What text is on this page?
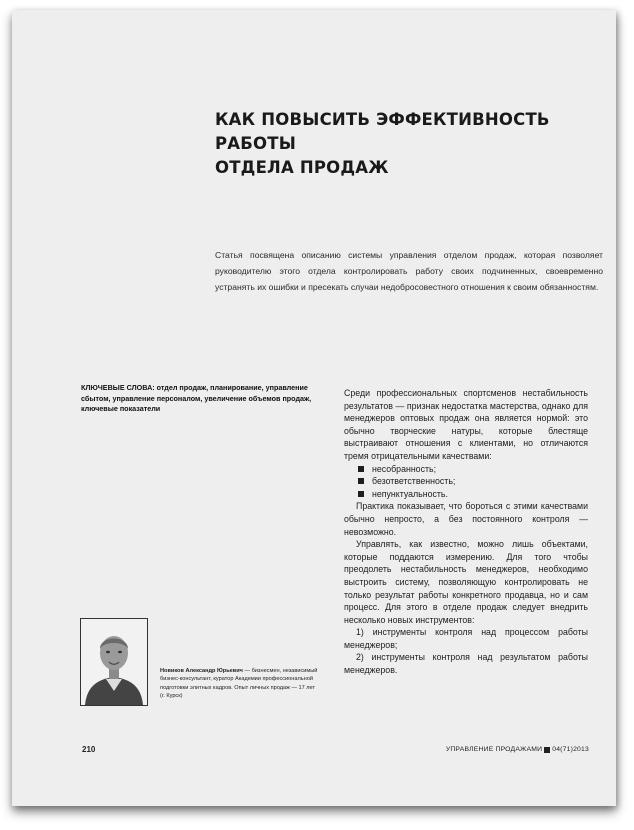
КАК ПОВЫСИТЬ ЭФФЕКТИВНОСТЬ РАБОТЫ
ОТДЕЛА ПРОДАЖ
Статья посвящена описанию системы управления отделом продаж, которая позволяет руководителю этого отдела контролировать работу своих подчиненных, своевременно устранять их ошибки и пресекать случаи недобросовестного отношения к своим обязанностям.
КЛЮЧЕВЫЕ СЛОВА: отдел продаж, планирование, управление сбытом, управление персоналом, увеличение объемов продаж, ключевые показатели

Среди профессиональных спортсменов нестабильность результатов — признак недостатка мастерства, однако для менеджеров оптовых продаж она является нормой: это обычно творческие натуры, которые блестяще выстраивают отношения с клиентами, но отличаются тремя отрицательными качествами:

несобранность;
безответственность;
непунктуальность.

Практика показывает, что бороться с этими качествами обычно непросто, а без постоянного контроля — невозможно.

Управлять, как известно, можно лишь объектами, которые поддаются измерению. Для того чтобы преодолеть нестабильность менеджеров, необходимо выстроить систему, позволяющую контролировать не только результат работы конкретного продавца, но и сам процесс. Для этого в отделе продаж следует внедрить несколько новых инструментов:

1) инструменты контроля над процессом работы менеджеров;

2) инструменты контроля над результатом работы менеджеров.

Новиков Александр Юрьевич — бизнесмен, независимый бизнес-консультант, куратор Академии профессиональной подготовки элитных кадров. Опыт личных продаж — 17 лет (г. Курск)
210	УПРАВЛЕНИЕ ПРОДАЖАМИ 04(71)2013
